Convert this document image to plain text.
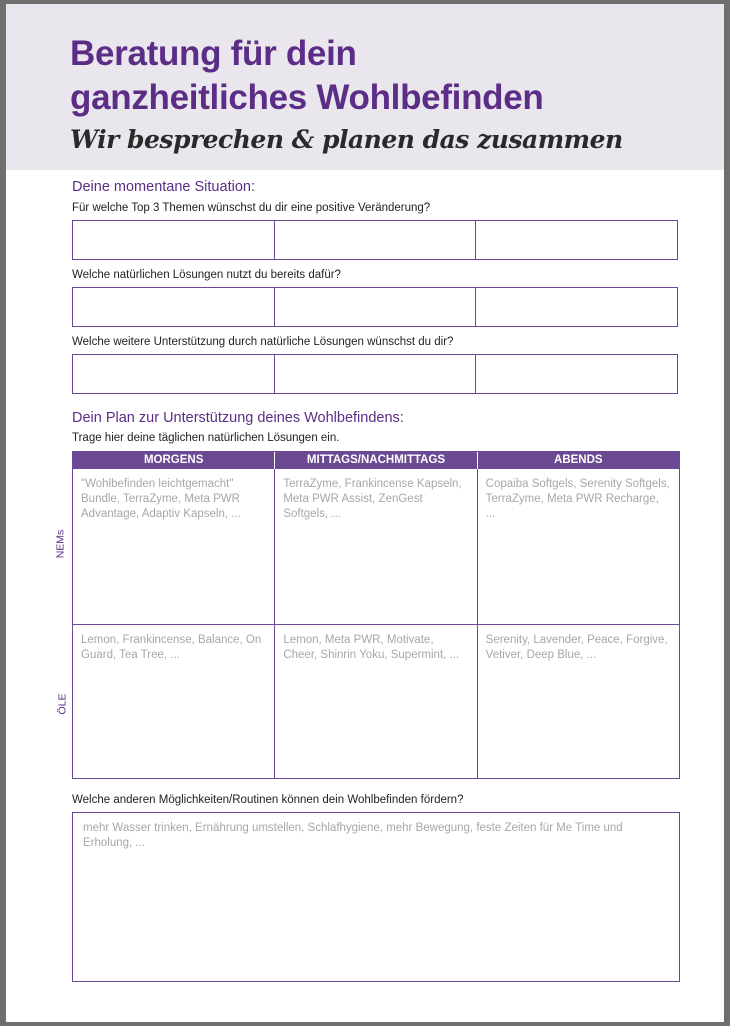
Beratung für dein
ganzheitliches Wohlbefinden
Wir besprechen & planen das zusammen
Deine momentane Situation:
Für welche Top 3 Themen wünschst du dir eine positive Veränderung?
Welche natürlichen Lösungen nutzt du bereits dafür?
Welche weitere Unterstützung durch natürliche Lösungen wünschst du dir?
Dein Plan zur Unterstützung deines Wohlbefindens:
Trage hier deine täglichen natürlichen Lösungen ein.
MORGENS	MITTAGS/NACHMITTAGS	ABENDS
"Wohlbefinden leichtgemacht" Bundle, TerraZyme, Meta PWR Advantage, Adaptiv Kapseln, ...
TerraZyme, Frankincense Kapseln, Meta PWR Assist, ZenGest Softgels, ...
Copaiba Softgels, Serenity Softgels, TerraZyme, Meta PWR Recharge, ...
Lemon, Frankincense, Balance, On Guard, Tea Tree, ...
Lemon, Meta PWR, Motivate, Cheer, Shinrin Yoku, Supermint, ...
Serenity, Lavender, Peace, Forgive, Vetiver, Deep Blue, ...
NEMs
ÖLE
Welche anderen Möglichkeiten/Routinen können dein Wohlbefinden fördern?
mehr Wasser trinken, Ernährung umstellen, Schlafhygiene, mehr Bewegung, feste Zeiten für Me Time und Erholung, ...
